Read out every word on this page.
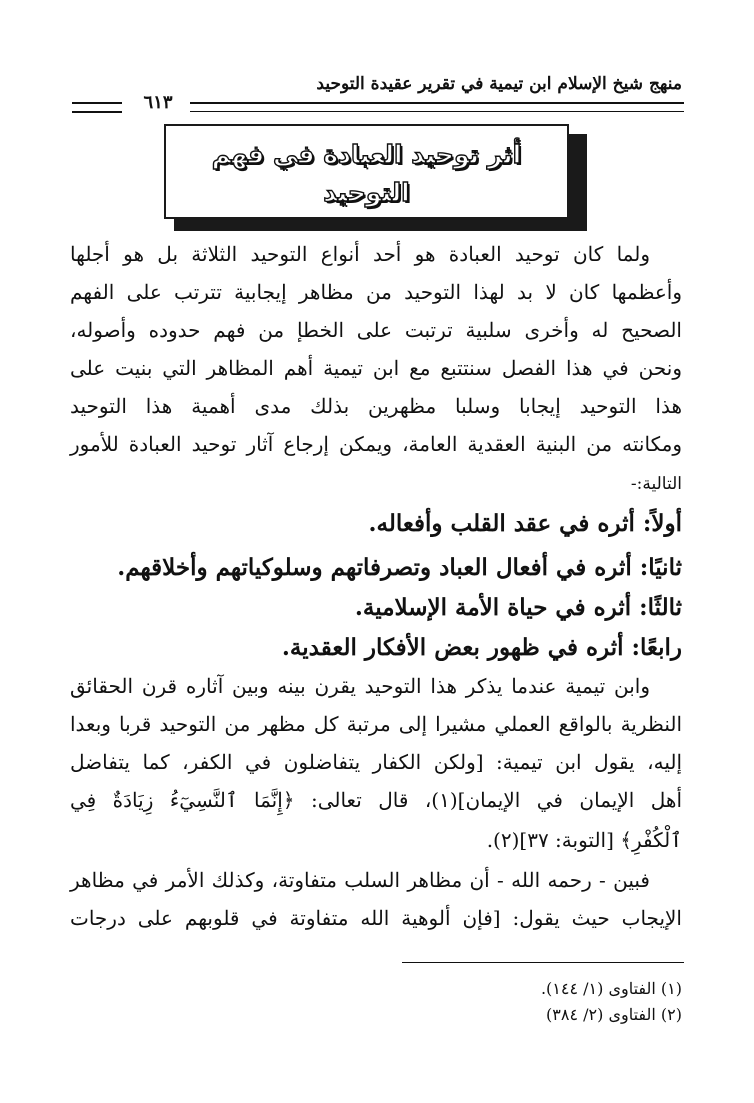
منهج شيخ الإسلام ابن تيمية في تقرير عقيدة التوحيد
٦١٣
أثر توحيد العبادة في فهم
التوحيد
ولما كان توحيد العبادة هو أحد أنواع التوحيد الثلاثة بل هو أجلها
وأعظمها كان لا بد لهذا التوحيد من مظاهر إيجابية تترتب على الفهم
الصحيح له وأخرى سلبية ترتبت على الخطإ من فهم حدوده وأصوله،
ونحن في هذا الفصل سنتتبع مع ابن تيمية أهم المظاهر التي بنيت على
هذا التوحيد إيجابا وسلبا مظهرين بذلك مدى أهمية هذا التوحيد
ومكانته من البنية العقدية العامة، ويمكن إرجاع آثار توحيد العبادة للأمور
التالية:-
أولاً: أثره في عقد القلب وأفعاله.
ثانيًا: أثره في أفعال العباد وتصرفاتهم وسلوكياتهم وأخلاقهم.
ثالثًا: أثره في حياة الأمة الإسلامية.
رابعًا: أثره في ظهور بعض الأفكار العقدية.
وابن تيمية عندما يذكر هذا التوحيد يقرن بينه وبين آثاره قرن الحقائق
النظرية بالواقع العملي مشيرا إلى مرتبة كل مظهر من التوحيد قربا وبعدا
إليه، يقول ابن تيمية: [ولكن الكفار يتفاضلون في الكفر، كما يتفاضل
أهل الإيمان في الإيمان](١)، قال تعالى: ﴿إِنَّمَا ٱلنَّسِيٓءُ زِيَادَةٌ فِي
ٱلْكُفْرِ﴾ [التوبة: ٣٧](٢).
فبين - رحمه الله - أن مظاهر السلب متفاوتة، وكذلك الأمر في مظاهر
الإيجاب حيث يقول: [فإن ألوهية الله متفاوتة في قلوبهم على درجات
(١) الفتاوى (١/ ١٤٤).
(٢) الفتاوى (٢/ ٣٨٤)
